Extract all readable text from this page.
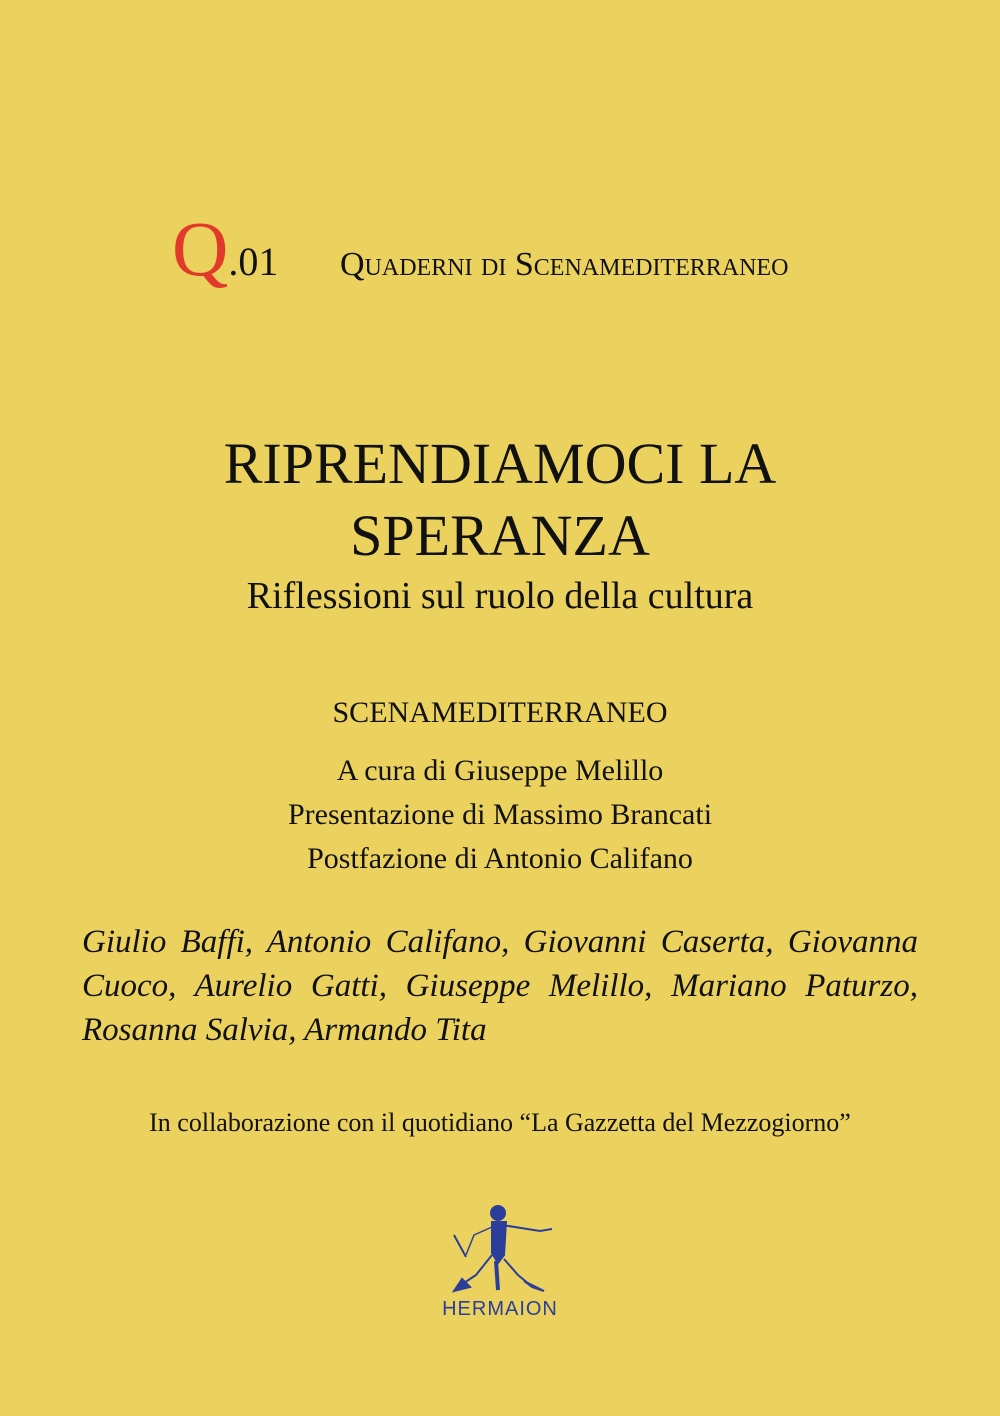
Q.01 Quaderni di Scenamediterraneo
RIPRENDIAMOCI LA
SPERANZA
Riflessioni sul ruolo della cultura
SCENAMEDITERRANEO
A cura di Giuseppe Melillo
Presentazione di Massimo Brancati
Postfazione di Antonio Califano
Giulio Baffi, Antonio Califano, Giovanni Caserta, Giovanna Cuoco, Aurelio Gatti, Giuseppe Melillo, Mariano Paturzo, Rosanna Salvia, Armando Tita
In collaborazione con il quotidiano “La Gazzetta del Mezzogiorno”
HERMAION
